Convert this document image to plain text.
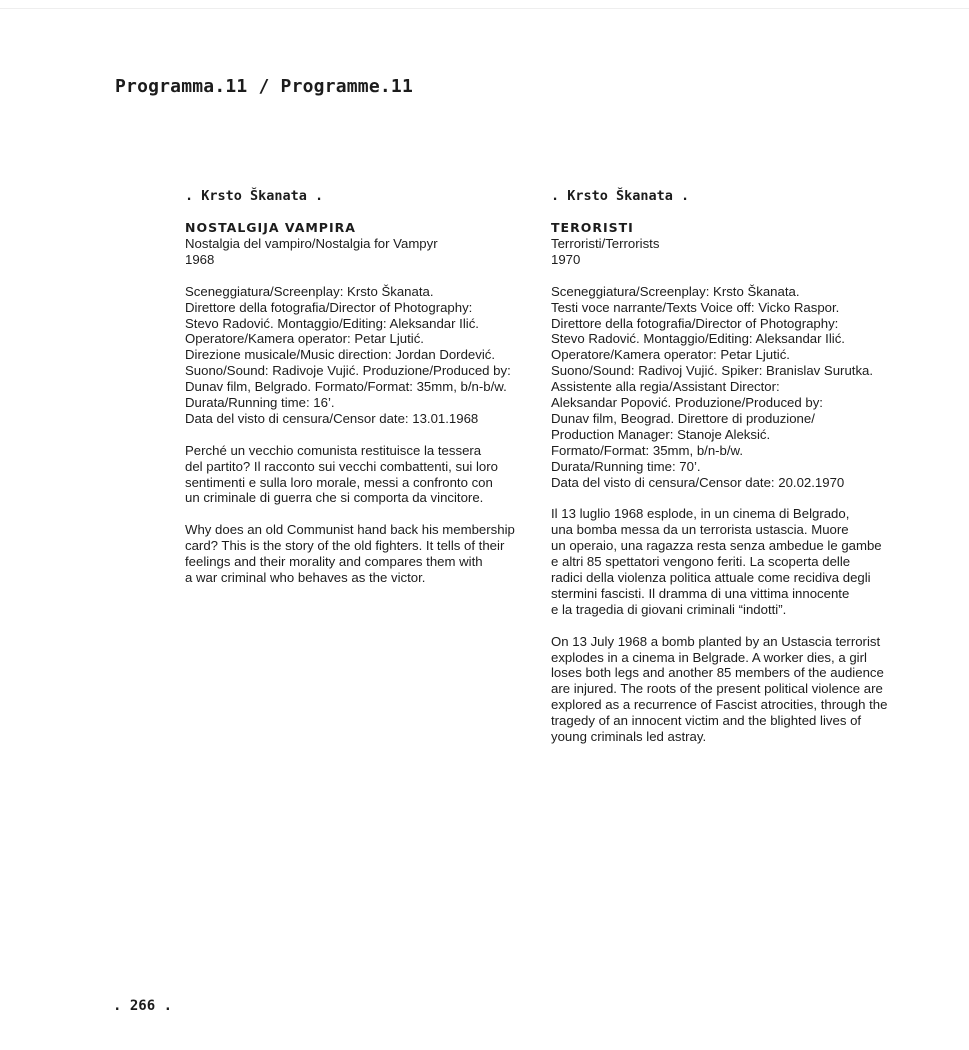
Programma.11 / Programme.11
. Krsto Škanata .
NOSTALGIJA VAMPIRA
Nostalgia del vampiro/Nostalgia for Vampyr
1968
Sceneggiatura/Screenplay: Krsto Škanata.
Direttore della fotografia/Director of Photography:
Stevo Radović. Montaggio/Editing: Aleksandar Ilić.
Operatore/Kamera operator: Petar Ljutić.
Direzione musicale/Music direction: Jordan Dordević.
Suono/Sound: Radivoje Vujić. Produzione/Produced by:
Dunav film, Belgrado. Formato/Format: 35mm, b/n-b/w.
Durata/Running time: 16’.
Data del visto di censura/Censor date: 13.01.1968
Perché un vecchio comunista restituisce la tessera
del partito? Il racconto sui vecchi combattenti, sui loro
sentimenti e sulla loro morale, messi a confronto con
un criminale di guerra che si comporta da vincitore.
Why does an old Communist hand back his membership
card? This is the story of the old fighters. It tells of their
feelings and their morality and compares them with
a war criminal who behaves as the victor.
. Krsto Škanata .
TERORISTI
Terroristi/Terrorists
1970
Sceneggiatura/Screenplay: Krsto Škanata.
Testi voce narrante/Texts Voice off: Vicko Raspor.
Direttore della fotografia/Director of Photography:
Stevo Radović. Montaggio/Editing: Aleksandar Ilić.
Operatore/Kamera operator: Petar Ljutić.
Suono/Sound: Radivoj Vujić. Spiker: Branislav Surutka.
Assistente alla regia/Assistant Director:
Aleksandar Popović. Produzione/Produced by:
Dunav film, Beograd. Direttore di produzione/
Production Manager: Stanoje Aleksić.
Formato/Format: 35mm, b/n-b/w.
Durata/Running time: 70’.
Data del visto di censura/Censor date: 20.02.1970
Il 13 luglio 1968 esplode, in un cinema di Belgrado,
una bomba messa da un terrorista ustascia. Muore
un operaio, una ragazza resta senza ambedue le gambe
e altri 85 spettatori vengono feriti. La scoperta delle
radici della violenza politica attuale come recidiva degli
stermini fascisti. Il dramma di una vittima innocente
e la tragedia di giovani criminali “indotti”.
On 13 July 1968 a bomb planted by an Ustascia terrorist
explodes in a cinema in Belgrade. A worker dies, a girl
loses both legs and another 85 members of the audience
are injured. The roots of the present political violence are
explored as a recurrence of Fascist atrocities, through the
tragedy of an innocent victim and the blighted lives of
young criminals led astray.
. 266 .
